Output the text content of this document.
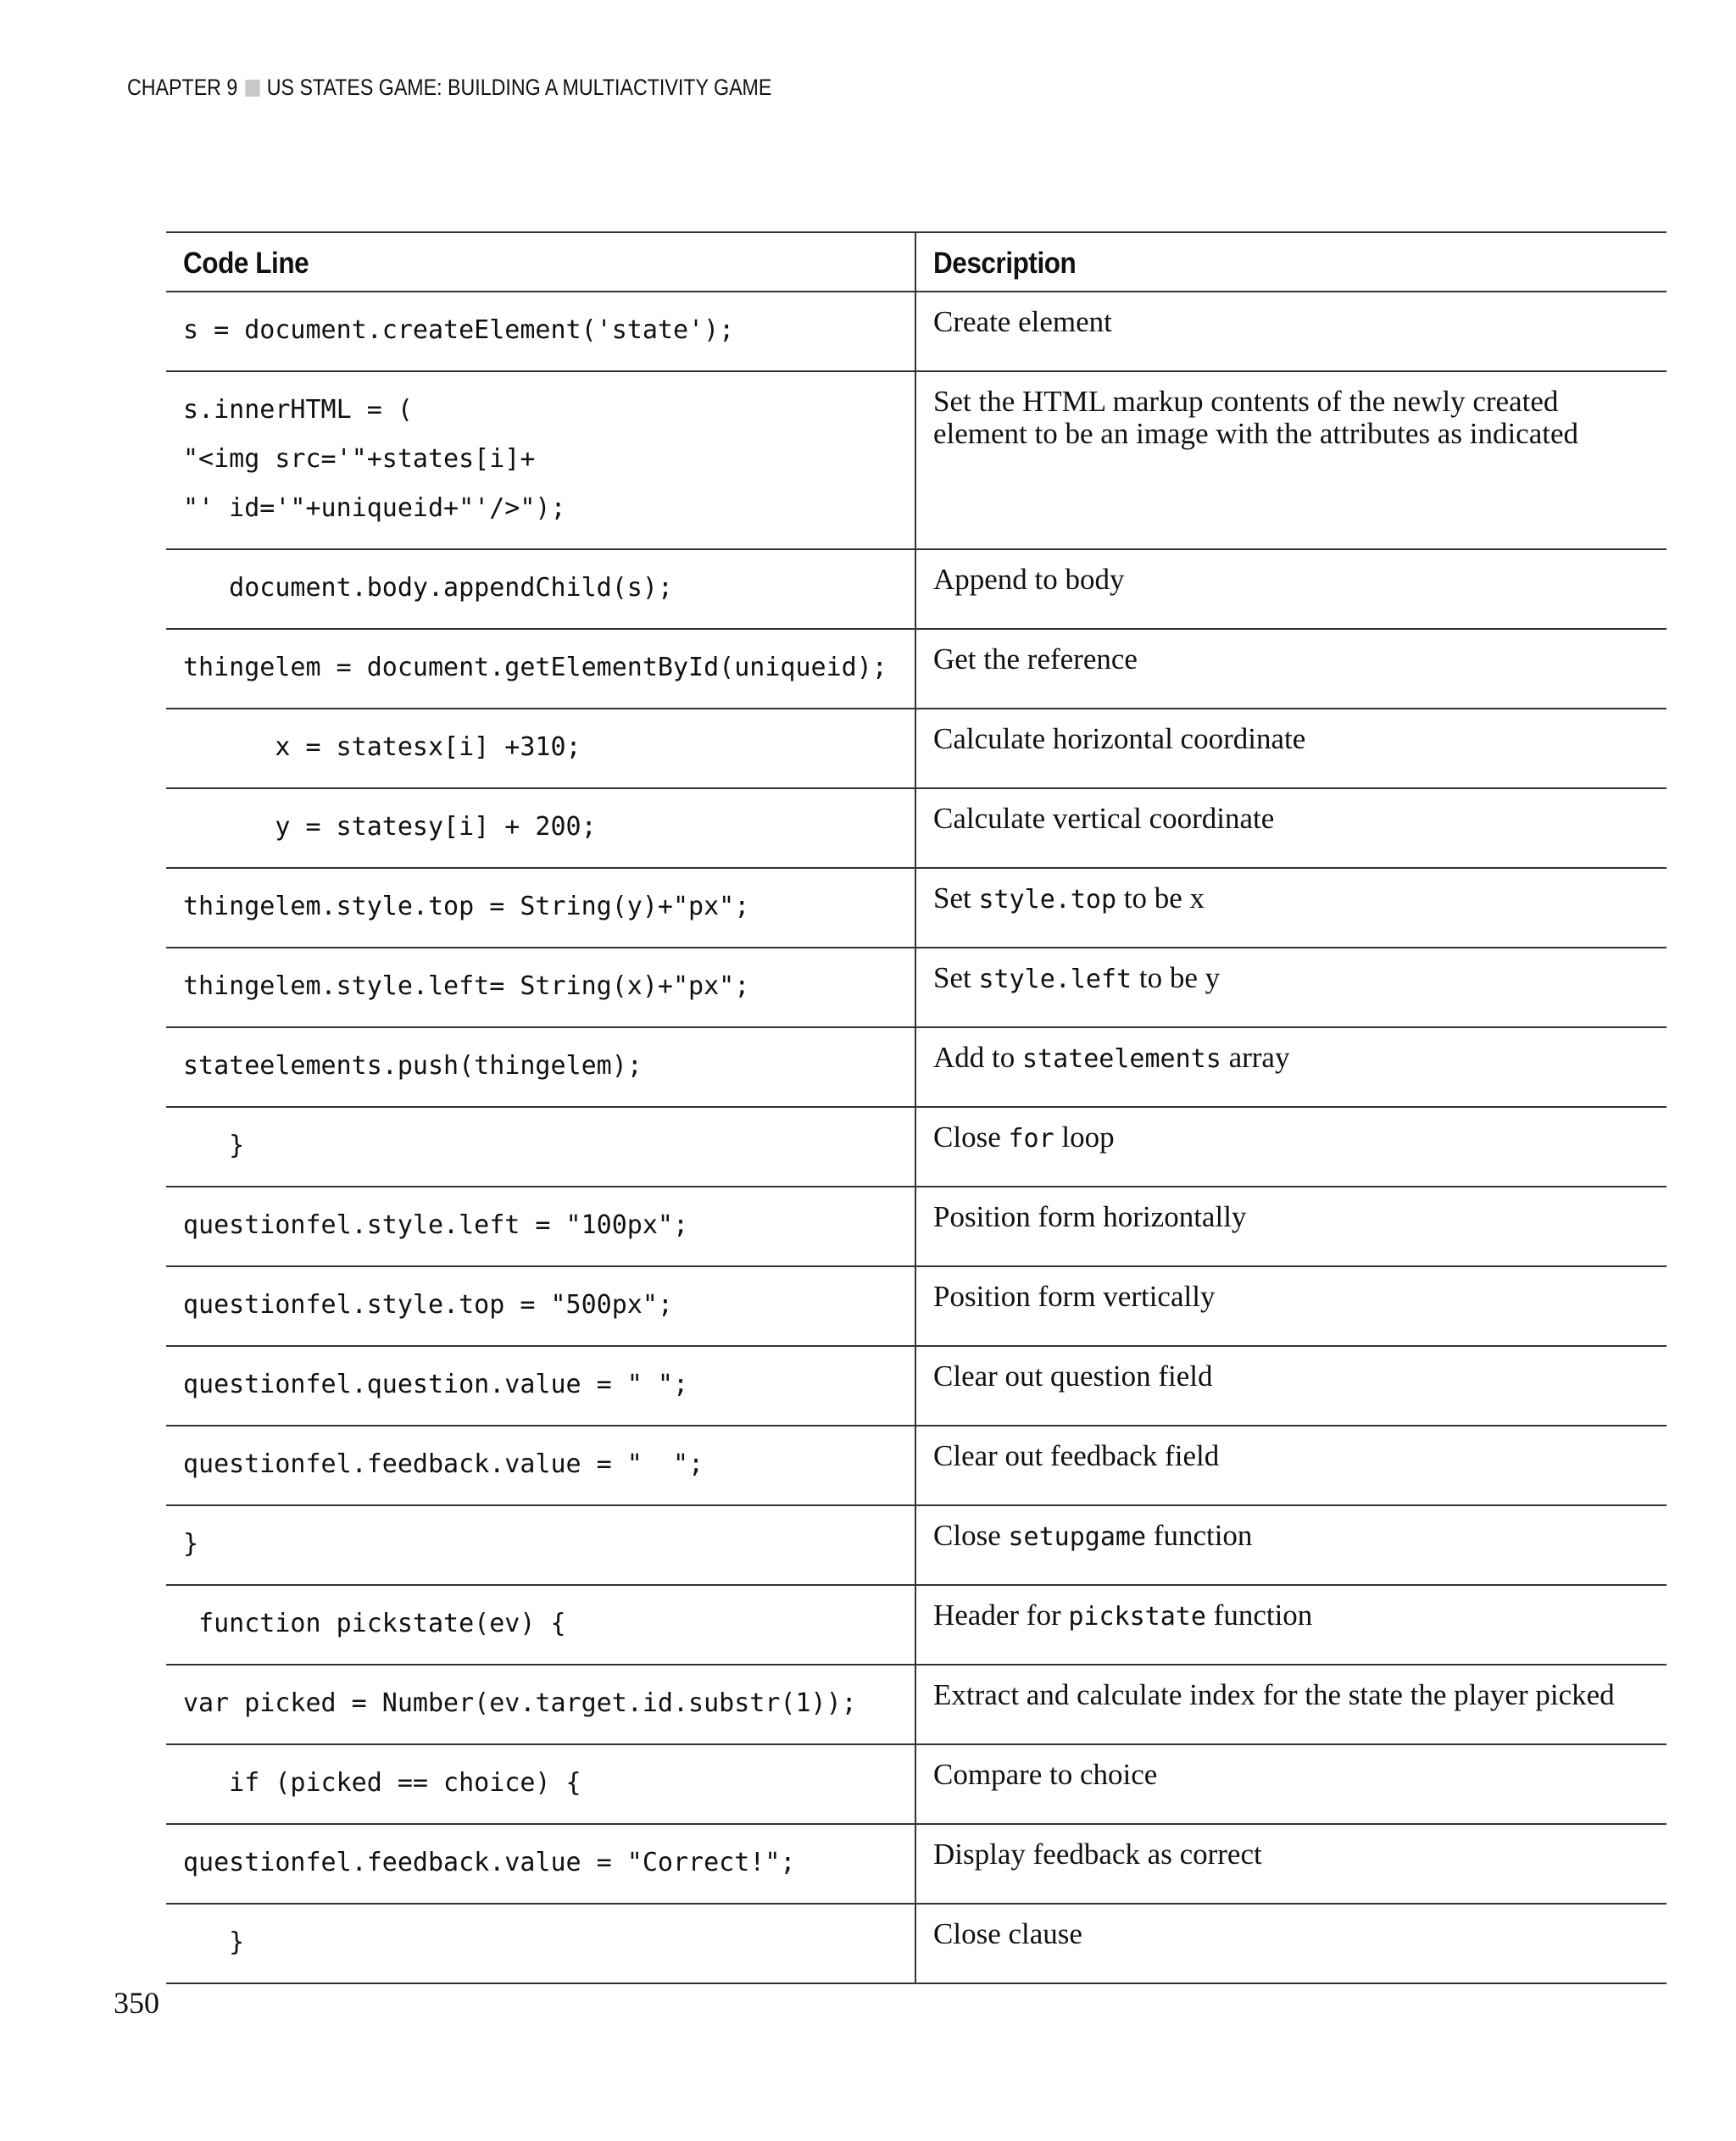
CHAPTER 9 US STATES GAME: BUILDING A MULTIACTIVITY GAME
Code Line	Description
s = document.createElement('state');	Create element
s.innerHTML = (
"<img src='"+states[i]+
"' id='"+uniqueid+"'/>");	Set the HTML markup contents of the newly created element to be an image with the attributes as indicated
document.body.appendChild(s);	Append to body
thingelem = document.getElementById(uniqueid);	Get the reference
x = statesx[i] +310;	Calculate horizontal coordinate
y = statesy[i] + 200;	Calculate vertical coordinate
thingelem.style.top = String(y)+"px";	Set style.top to be x
thingelem.style.left= String(x)+"px";	Set style.left to be y
stateelements.push(thingelem);	Add to stateelements array
}	Close for loop
questionfel.style.left = "100px";	Position form horizontally
questionfel.style.top = "500px";	Position form vertically
questionfel.question.value = " ";	Clear out question field
questionfel.feedback.value = "  ";	Clear out feedback field
}	Close setupgame function
function pickstate(ev) {	Header for pickstate function
var picked = Number(ev.target.id.substr(1));	Extract and calculate index for the state the player picked
if (picked == choice) {	Compare to choice
questionfel.feedback.value = "Correct!";	Display feedback as correct
}	Close clause
350
